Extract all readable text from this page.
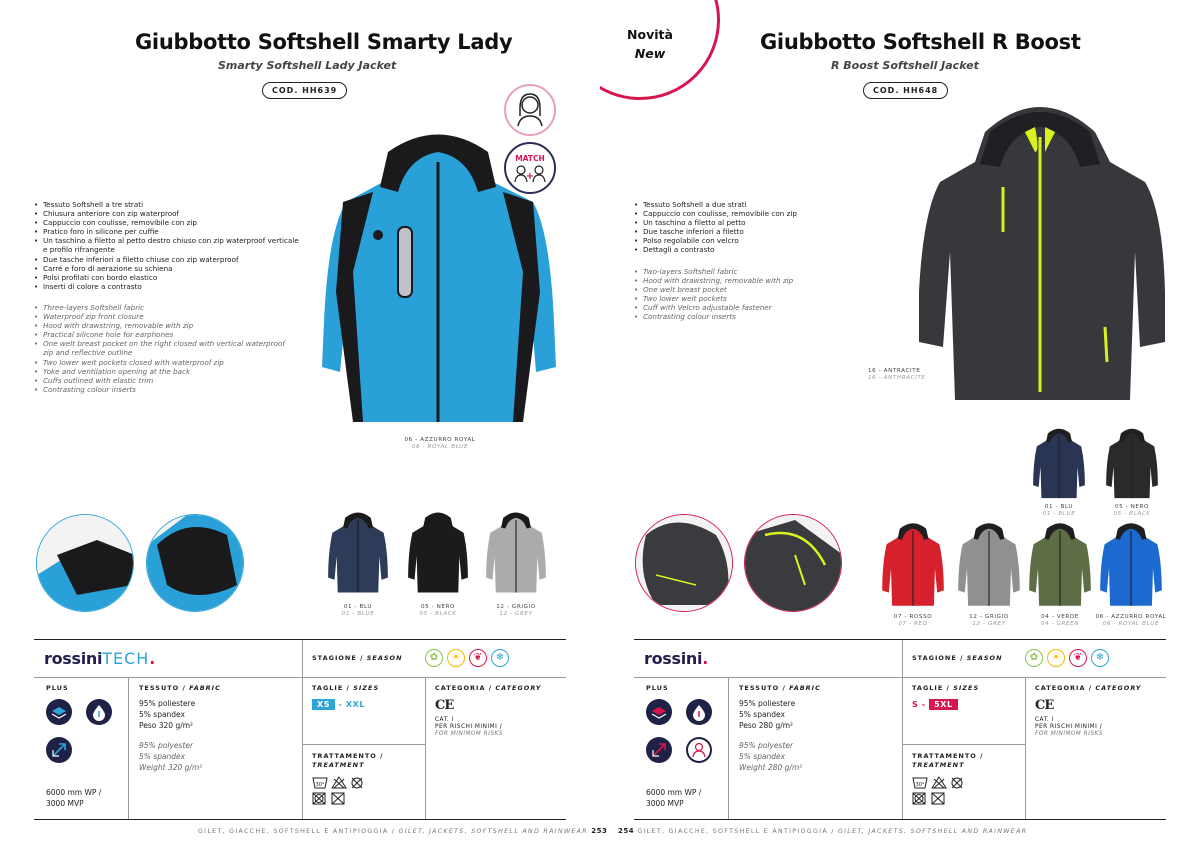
Giubbotto Softshell Smarty Lady
Smarty Softshell Lady Jacket
COD. HH639
• Tessuto Softshell a tre strati
• Chiusura anteriore con zip waterproof
• Cappuccio con coulisse, removibile con zip
• Pratico foro in silicone per cuffie
• Un taschino a filetto al petto destro chiuso con zip waterproof verticale e profilo rifrangente
• Due tasche inferiori a filetto chiuse con zip waterproof
• Carré e foro di aerazione su schiena
• Polsi profilati con bordo elastico
• Inserti di colore a contrasto
• Three-layers Softshell fabric
• Waterproof zip front closure
• Hood with drawstring, removable with zip
• Practical silicone hole for earphones
• One welt breast pocket on the right closed with vertical waterproof zip and reflective outline
• Two lower welt pockets closed with waterproof zip
• Yoke and ventilation opening at the back
• Cuffs outlined with elastic trim
• Contrasting colour inserts
06 - AZZURRO ROYAL
06 - ROYAL BLUE
MATCH
+
01 - BLU
01 - BLUE
05 - NERO
05 - BLACK
12 - GRIGIO
12 - GREY
rossiniTECH.	STAGIONE / SEASON	✿	☀	❦	❄
PLUS
6000 mm WP /
3000 MVP
TESSUTO / FABRIC
95% poliestere
5% spandex
Peso 320 g/m²
95% polyester
5% spandex
Weight 320 g/m²
TAGLIE / SIZES
XS - XXL
TRATTAMENTO /
TREATMENT
30°
CATEGORIA / CATEGORY
CE
CAT. I
PER RISCHI MINIMI /
FOR MINIMUM RISKS
GILET, GIACCHE, SOFTSHELL E ANTIPIOGGIA / GILET, JACKETS, SOFTSHELL AND RAINWEAR 253
Novità
New	Giubbotto Softshell R Boost
R Boost Softshell Jacket
COD. HH648
• Tessuto Softshell a due strati
• Cappuccio con coulisse, removibile con zip
• Un taschino a filetto al petto
• Due tasche inferiori a filetto
• Polso regolabile con velcro
• Dettagli a contrasto
• Two-layers Softshell fabric
• Hood with drawstring, removable with zip
• One welt breast pocket
• Two lower welt pockets
• Cuff with Velcro adjustable fastener
• Contrasting colour inserts
16 - ANTRACITE
16 - ANTHRACITE
01 - BLU
01 - BLUE
05 - NERO
05 - BLACK
07 - ROSSO
07 - RED
12 - GRIGIO
12 - GREY
04 - VERDE
04 - GREEN
06 - AZZURRO ROYAL
06 - ROYAL BLUE
rossini.	STAGIONE / SEASON	✿	☀	❦	❄
PLUS
6000 mm WP /
3000 MVP
TESSUTO / FABRIC
95% poliestere
5% spandex
Peso 280 g/m²
95% polyester
5% spandex
Weight 280 g/m²
TAGLIE / SIZES
S - 5XL
TRATTAMENTO /
TREATMENT
30°
CATEGORIA / CATEGORY
CE
CAT. I
PER RISCHI MINIMI /
FOR MINIMUM RISKS
254 GILET, GIACCHE, SOFTSHELL E ANTIPIOGGIA / GILET, JACKETS, SOFTSHELL AND RAINWEAR
